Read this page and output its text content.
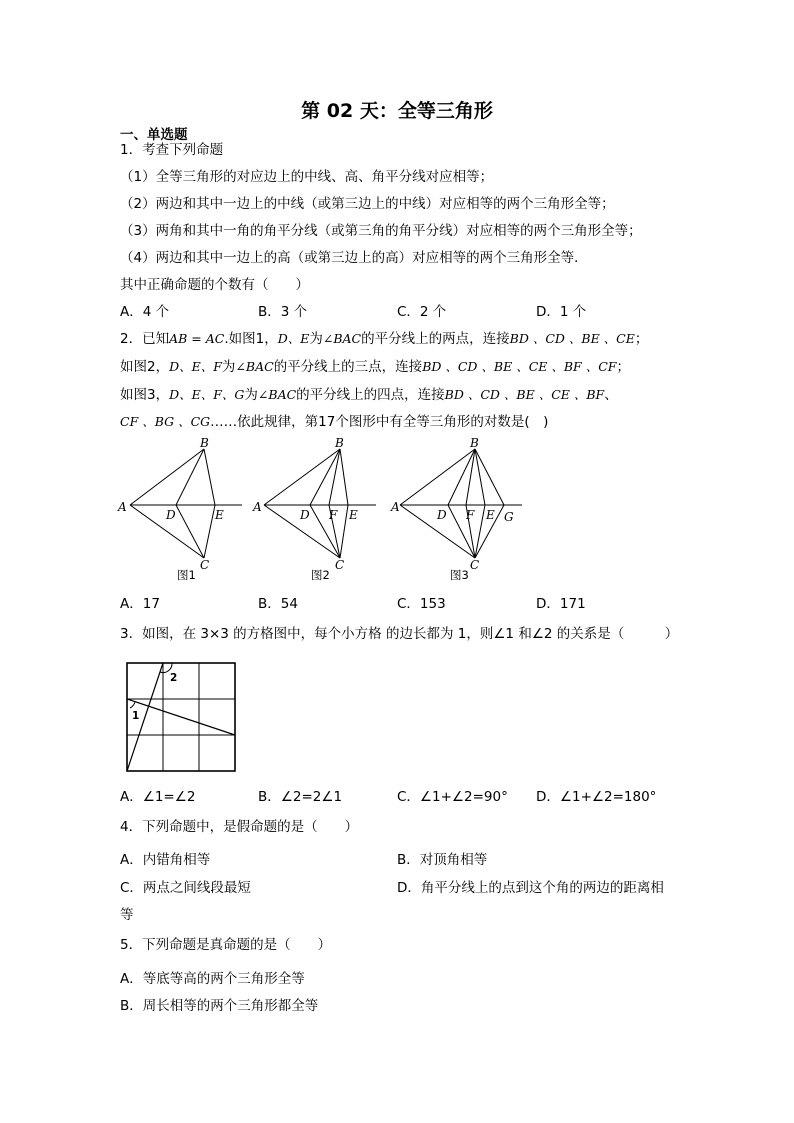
第 02 天：全等三角形
一、单选题
1．考查下列命题
（1）全等三角形的对应边上的中线、高、角平分线对应相等；
（2）两边和其中一边上的中线（或第三边上的中线）对应相等的两个三角形全等；
（3）两角和其中一角的角平分线（或第三角的角平分线）对应相等的两个三角形全等；
（4）两边和其中一边上的高（或第三边上的高）对应相等的两个三角形全等．
其中正确命题的个数有（　　）
A．4 个	B．3 个	C．2 个	D．1 个
2．已知AB = AC.如图1，D、E为∠BAC的平分线上的两点，连接BD 、CD 、BE 、CE；
如图2，D、E、F为∠BAC的平分线上的三点，连接BD 、CD 、BE 、CE 、BF 、CF；
如图3，D、E、F、G为∠BAC的平分线上的四点，连接BD 、CD 、BE 、CE 、BF、
CF 、BG 、CG……依此规律，第17个图形中有全等三角形的对数是(　)
A
B
C
D	E
图1
A
B
C
D F E
图2
A
B
C
D F E G
图3
A．17	B．54	C．153	D．171
3．如图，在 3×3 的方格图中，每个小方格 的边长都为 1，则∠1 和∠2 的关系是（　　　）
2
1
A．∠1=∠2	B．∠2=2∠1	C．∠1+∠2=90° D．∠1+∠2=180°
4．下列命题中，是假命题的是（　　）
A．内错角相等	B．对顶角相等
C．两点之间线段最短	D．角平分线上的点到这个角的两边的距离相
等
5．下列命题是真命题的是（　　）
A．等底等高的两个三角形全等
B．周长相等的两个三角形都全等
